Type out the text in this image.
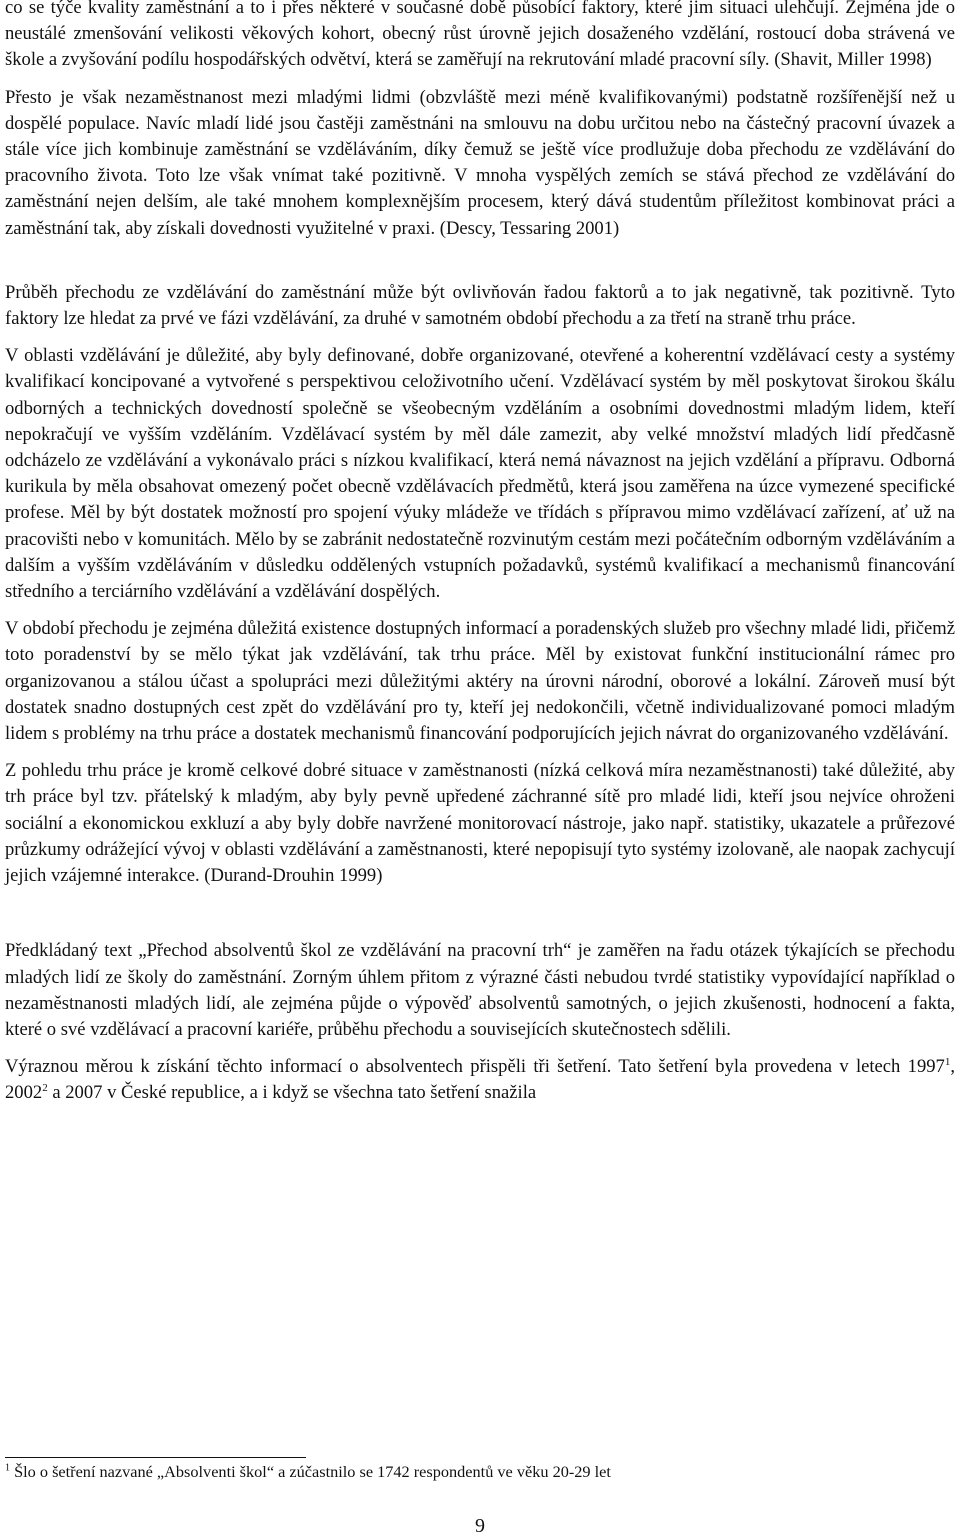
co se týče kvality zaměstnání a to i přes některé v současné době působící faktory, které jim situaci ulehčují. Zejména jde o neustálé zmenšování velikosti věkových kohort, obecný růst úrovně jejich dosaženého vzdělání, rostoucí doba strávená ve škole a zvyšování podílu hospodářských odvětví, která se zaměřují na rekrutování mladé pracovní síly. (Shavit, Miller 1998)

Přesto je však nezaměstnanost mezi mladými lidmi (obzvláště mezi méně kvalifikovanými) podstatně rozšířenější než u dospělé populace. Navíc mladí lidé jsou častěji zaměstnáni na smlouvu na dobu určitou nebo na částečný pracovní úvazek a stále více jich kombinuje zaměstnání se vzděláváním, díky čemuž se ještě více prodlužuje doba přechodu ze vzdělávání do pracovního života. Toto lze však vnímat také pozitivně. V mnoha vyspělých zemích se stává přechod ze vzdělávání do zaměstnání nejen delším, ale také mnohem komplexnějším procesem, který dává studentům příležitost kombinovat práci a zaměstnání tak, aby získali dovednosti využitelné v praxi. (Descy, Tessaring 2001)

Průběh přechodu ze vzdělávání do zaměstnání může být ovlivňován řadou faktorů a to jak negativně, tak pozitivně. Tyto faktory lze hledat za prvé ve fázi vzdělávání, za druhé v samotném období přechodu a za třetí na straně trhu práce.

V oblasti vzdělávání je důležité, aby byly definované, dobře organizované, otevřené a koherentní vzdělávací cesty a systémy kvalifikací koncipované a vytvořené s perspektivou celoživotního učení. Vzdělávací systém by měl poskytovat širokou škálu odborných a technických dovedností společně se všeobecným vzděláním a osobními dovednostmi mladým lidem, kteří nepokračují ve vyšším vzděláním. Vzdělávací systém by měl dále zamezit, aby velké množství mladých lidí předčasně odcházelo ze vzdělávání a vykonávalo práci s nízkou kvalifikací, která nemá návaznost na jejich vzdělání a přípravu. Odborná kurikula by měla obsahovat omezený počet obecně vzdělávacích předmětů, která jsou zaměřena na úzce vymezené specifické profese. Měl by být dostatek možností pro spojení výuky mládeže ve třídách s přípravou mimo vzdělávací zařízení, ať už na pracovišti nebo v komunitách. Mělo by se zabránit nedostatečně rozvinutým cestám mezi počátečním odborným vzděláváním a dalším a vyšším vzděláváním v důsledku oddělených vstupních požadavků, systémů kvalifikací a mechanismů financování středního a terciárního vzdělávání a vzdělávání dospělých.

V období přechodu je zejména důležitá existence dostupných informací a poradenských služeb pro všechny mladé lidi, přičemž toto poradenství by se mělo týkat jak vzdělávání, tak trhu práce. Měl by existovat funkční institucionální rámec pro organizovanou a stálou účast a spolupráci mezi důležitými aktéry na úrovni národní, oborové a lokální. Zároveň musí být dostatek snadno dostupných cest zpět do vzdělávání pro ty, kteří jej nedokončili, včetně individualizované pomoci mladým lidem s problémy na trhu práce a dostatek mechanismů financování podporujících jejich návrat do organizovaného vzdělávání.

Z pohledu trhu práce je kromě celkové dobré situace v zaměstnanosti (nízká celková míra nezaměstnanosti) také důležité, aby trh práce byl tzv. přátelský k mladým, aby byly pevně upředené záchranné sítě pro mladé lidi, kteří jsou nejvíce ohroženi sociální a ekonomickou exkluzí a aby byly dobře navržené monitorovací nástroje, jako např. statistiky, ukazatele a průřezové průzkumy odrážející vývoj v oblasti vzdělávání a zaměstnanosti, které nepopisují tyto systémy izolovaně, ale naopak zachycují jejich vzájemné interakce. (Durand-Drouhin 1999)

Předkládaný text „Přechod absolventů škol ze vzdělávání na pracovní trh“ je zaměřen na řadu otázek týkajících se přechodu mladých lidí ze školy do zaměstnání. Zorným úhlem přitom z výrazné části nebudou tvrdé statistiky vypovídající například o nezaměstnanosti mladých lidí, ale zejména půjde o výpověď absolventů samotných, o jejich zkušenosti, hodnocení a fakta, které o své vzdělávací a pracovní kariéře, průběhu přechodu a souvisejících skutečnostech sdělili.

Výraznou měrou k získání těchto informací o absolventech přispěli tři šetření. Tato šetření byla provedena v letech 1997$^1$, 2002$^2$ a 2007 v České republice, a i když se všechna tato šetření snažila

$^1$ Šlo o šetření nazvané „Absolventi škol“ a zúčastnilo se 1742 respondentů ve věku 20-29 let
9
